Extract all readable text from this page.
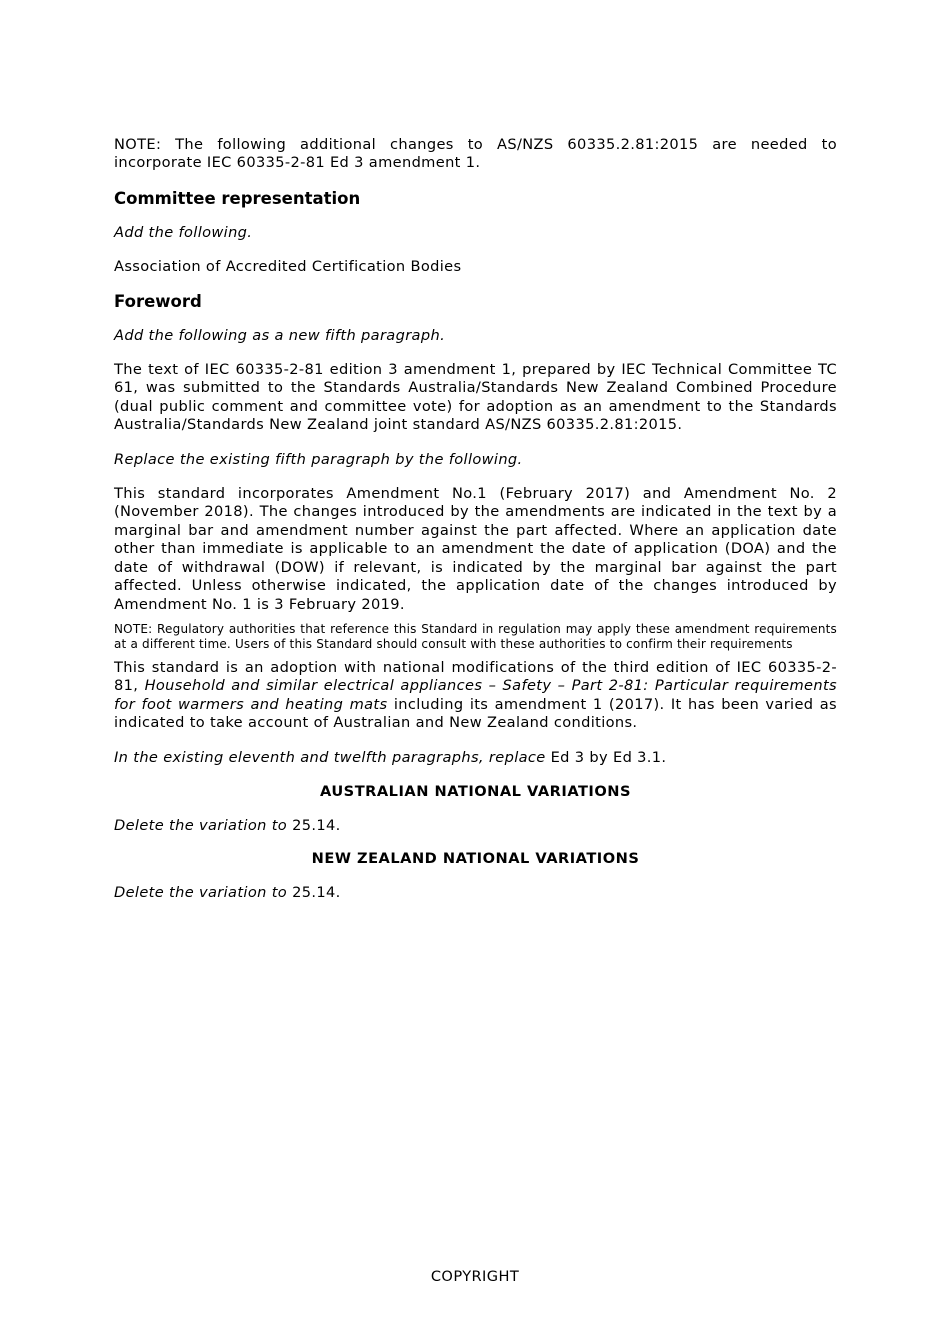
NOTE: The following additional changes to AS/NZS 60335.2.81:2015 are needed to incorporate IEC 60335-2-81 Ed 3 amendment 1.

Committee representation

Add the following.

Association of Accredited Certification Bodies

Foreword

Add the following as a new fifth paragraph.

The text of IEC 60335-2-81 edition 3 amendment 1, prepared by IEC Technical Committee TC 61, was submitted to the Standards Australia/Standards New Zealand Combined Procedure (dual public comment and committee vote) for adoption as an amendment to the Standards Australia/Standards New Zealand joint standard AS/NZS 60335.2.81:2015.

Replace the existing fifth paragraph by the following.

This standard incorporates Amendment No.1 (February 2017) and Amendment No. 2 (November 2018). The changes introduced by the amendments are indicated in the text by a marginal bar and amendment number against the part affected. Where an application date other than immediate is applicable to an amendment the date of application (DOA) and the date of withdrawal (DOW) if relevant, is indicated by the marginal bar against the part affected. Unless otherwise indicated, the application date of the changes introduced by Amendment No. 1 is 3 February 2019.

NOTE: Regulatory authorities that reference this Standard in regulation may apply these amendment requirements at a different time. Users of this Standard should consult with these authorities to confirm their requirements

This standard is an adoption with national modifications of the third edition of IEC 60335-2-81, Household and similar electrical appliances – Safety – Part 2-81: Particular requirements for foot warmers and heating mats including its amendment 1 (2017). It has been varied as indicated to take account of Australian and New Zealand conditions.

In the existing eleventh and twelfth paragraphs, replace Ed 3 by Ed 3.1.

AUSTRALIAN NATIONAL VARIATIONS

Delete the variation to 25.14.

NEW ZEALAND NATIONAL VARIATIONS

Delete the variation to 25.14.

COPYRIGHT
